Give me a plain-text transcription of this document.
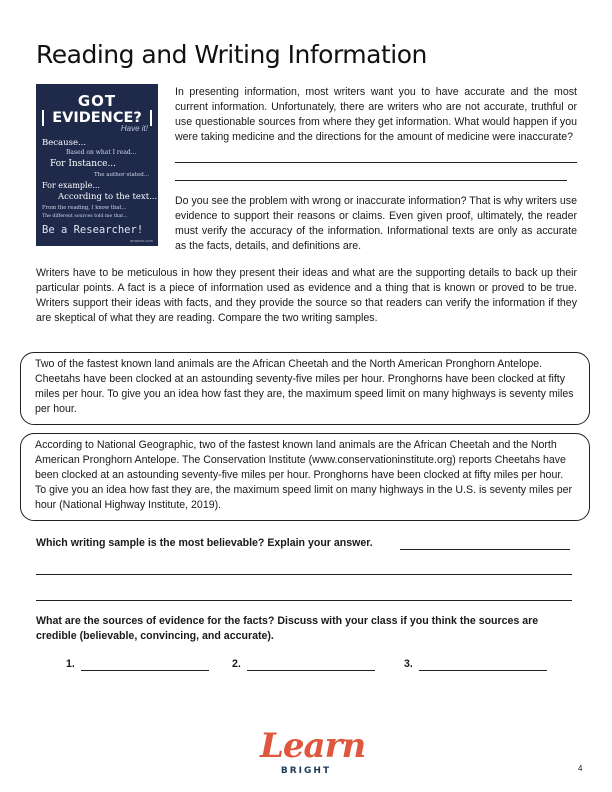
Reading and Writing Information
GOT
EVIDENCE?
Have it!
Because...
Based on what I read...
For Instance...
The author stated...
For example...
According to the text...
From the reading, I know that...
The different sources told me that...
Be a Researcher!
amazon.com

In presenting information, most writers want you to have accurate and the most current information. Unfortunately, there are writers who are not accurate, truthful or use questionable sources from where they get information. What would happen if you were taking medicine and the directions for the amount of medicine were inaccurate?

Do you see the problem with wrong or inaccurate information? That is why writers use evidence to support their reasons or claims. Even given proof, ultimately, the reader must verify the accuracy of the information. Informational texts are only as accurate as the facts, details, and definitions are.

Writers have to be meticulous in how they present their ideas and what are the supporting details to back up their particular points. A fact is a piece of information used as evidence and a thing that is known or proved to be true. Writers support their ideas with facts, and they provide the source so that readers can verify the information if they are skeptical of what they are reading. Compare the two writing samples.

Two of the fastest known land animals are the African Cheetah and the North American Pronghorn Antelope. Cheetahs have been clocked at an astounding seventy-five miles per hour. Pronghorns have been clocked at fifty miles per hour. To give you an idea how fast they are, the maximum speed limit on many highways is seventy miles per hour.
According to National Geographic, two of the fastest known land animals are the African Cheetah and the North American Pronghorn Antelope. The Conservation Institute (www.conservationinstitute.org) reports Cheetahs have been clocked at an astounding seventy-five miles per hour. Pronghorns have been clocked at fifty miles per hour. To give you an idea how fast they are, the maximum speed limit on many highways in the U.S. is seventy miles per hour (National Highway Institute, 2019).

Which writing sample is the most believable? Explain your answer.

What are the sources of evidence for the facts? Discuss with your class if you think the sources are credible (believable, convincing, and accurate).

1.	2.	3.
Learn
BRIGHT	4
